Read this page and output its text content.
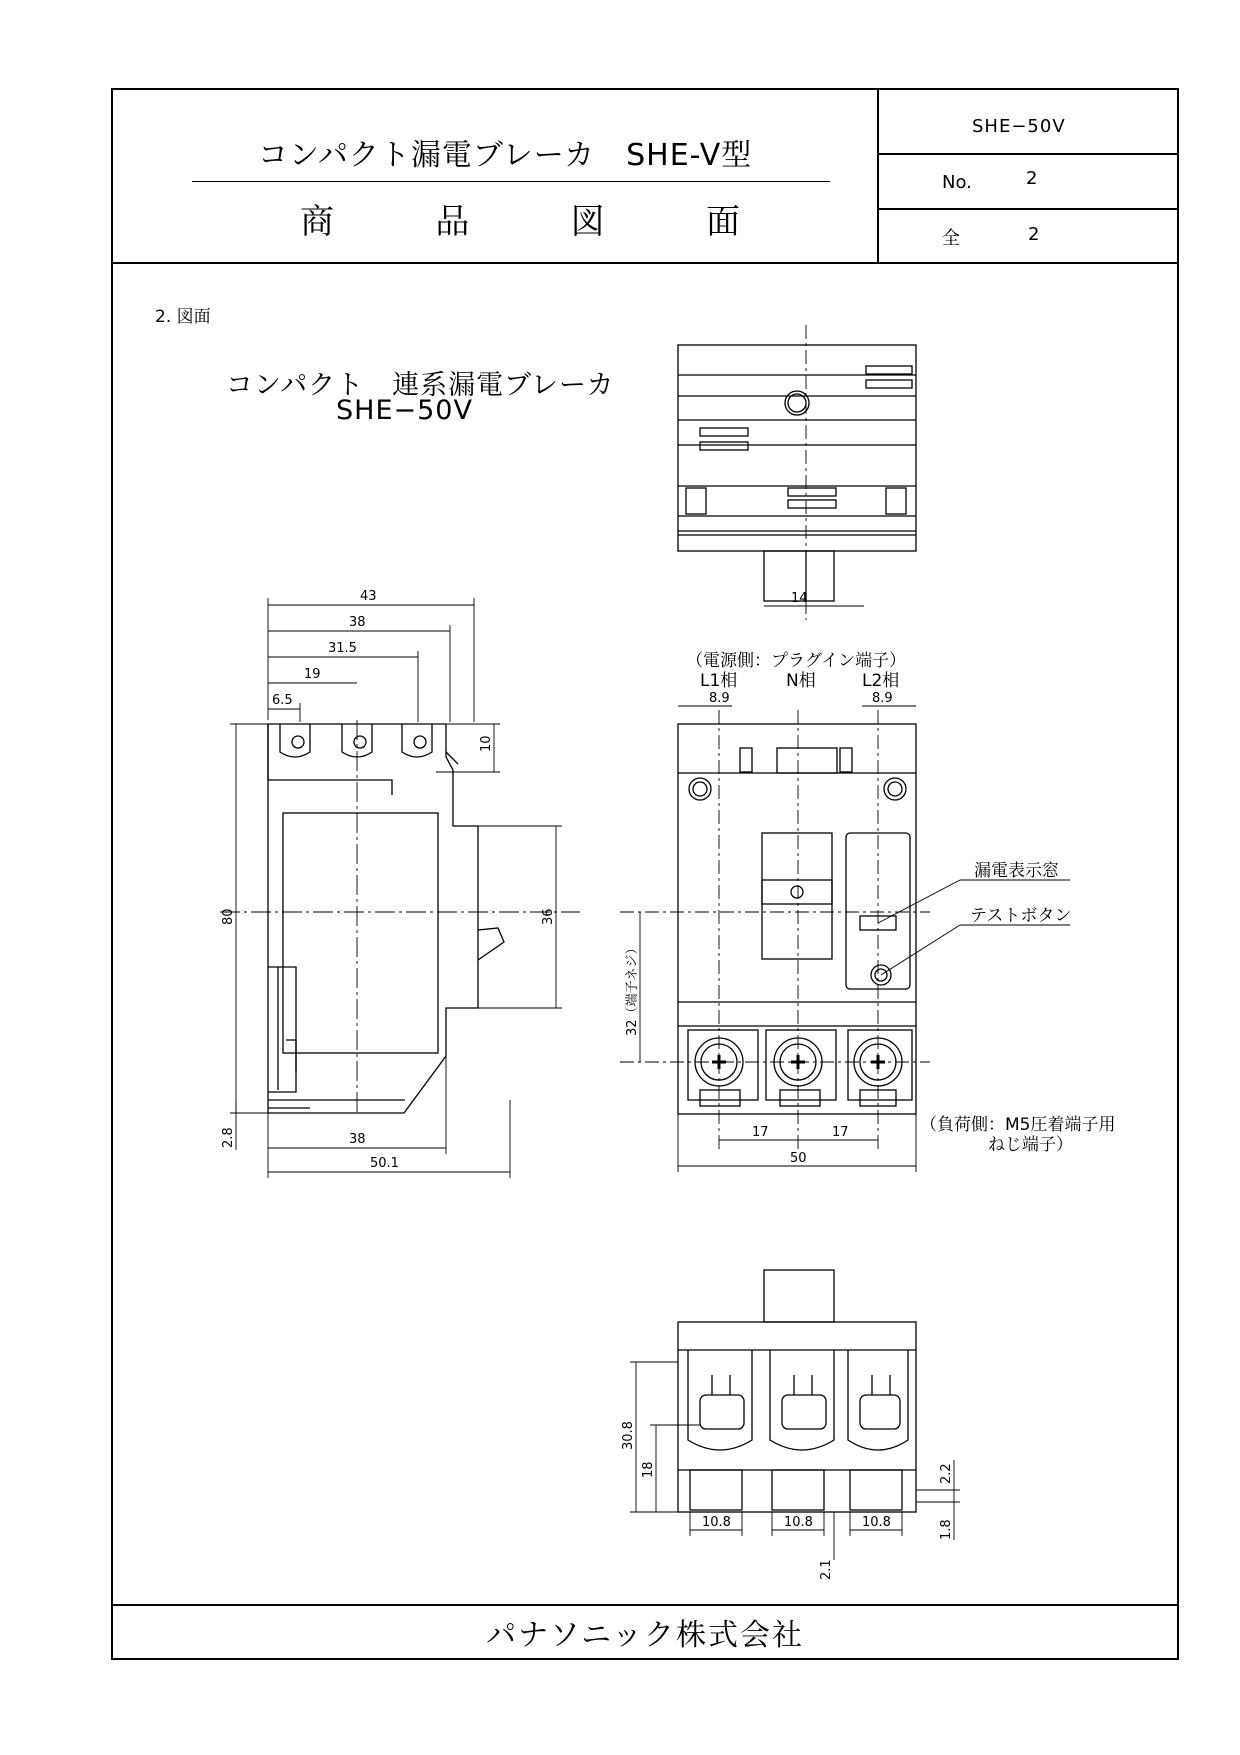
コンパクト漏電ブレーカ　SHE-V型
商	品	図	面
SHE−50V
No.	2
全	2
2. 図面
コンパクト　連系漏電ブレーカ
SHE−50V
43
38
31.5
19
6.5
10
80	36
2.8	38
50.1
14
（電源側：プラグイン端子）
L1相	N相	L2相
8.9	8.9
漏電表示窓
テストボタン
32（端子ネジ）
17	17
50
（負荷側：M5圧着端子用
ねじ端子）
30.8
18	2.2
1.8
2.1
10.8	10.8	10.8
パナソニック株式会社
